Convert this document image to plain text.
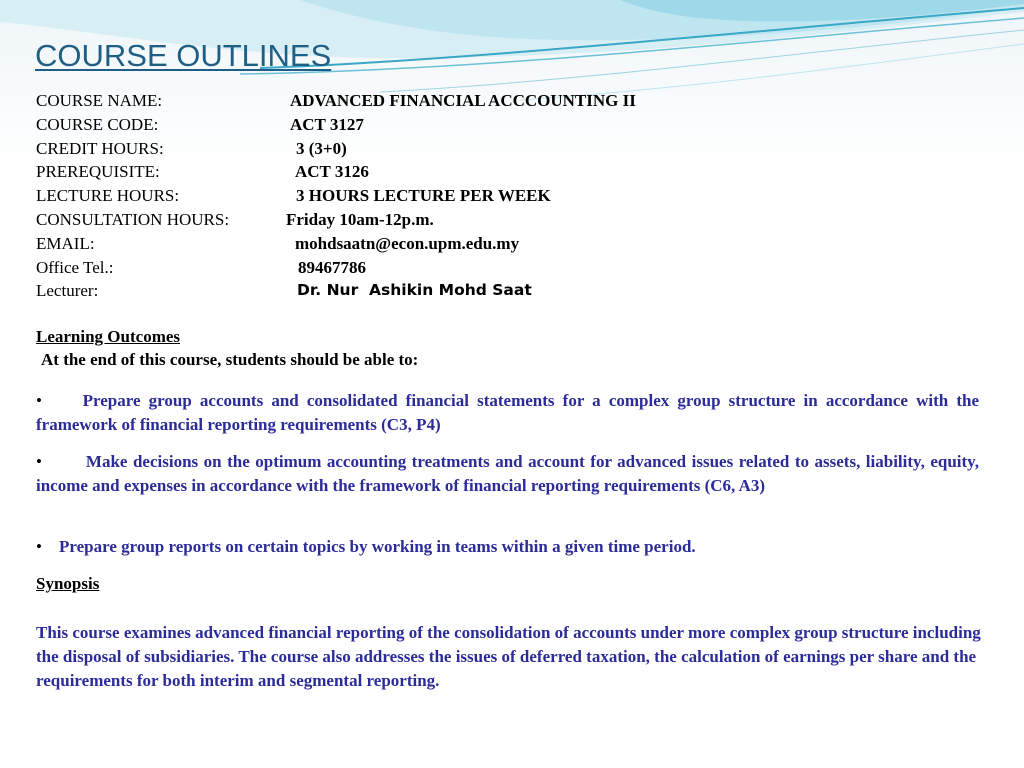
COURSE OUTLINES
COURSE NAME:	ADVANCED FINANCIAL ACCCOUNTING II
COURSE CODE:	ACT 3127
CREDIT HOURS:	3 (3+0)
PREREQUISITE:	ACT 3126
LECTURE HOURS:	3 HOURS LECTURE PER WEEK
CONSULTATION HOURS:	Friday 10am-12p.m.
EMAIL:	mohdsaatn@econ.upm.edu.my
Office Tel.:	89467786
Lecturer:	Dr. Nur  Ashikin Mohd Saat
Learning Outcomes
At the end of this course, students should be able to:
• Prepare group accounts and consolidated financial statements for a complex group structure in accordance with the framework of financial reporting requirements (C3, P4)
•	Make decisions on the optimum accounting treatments and account for advanced issues related to assets, liability, equity, income and expenses in accordance with the framework of financial reporting requirements (C6, A3)
• Prepare group reports on certain topics by working in teams within a given time period.
Synopsis
This course examines advanced financial reporting of the consolidation of accounts under more complex group structure including the disposal of subsidiaries. The course also addresses the issues of deferred taxation, the calculation of earnings per share and the requirements for both interim and segmental reporting.
